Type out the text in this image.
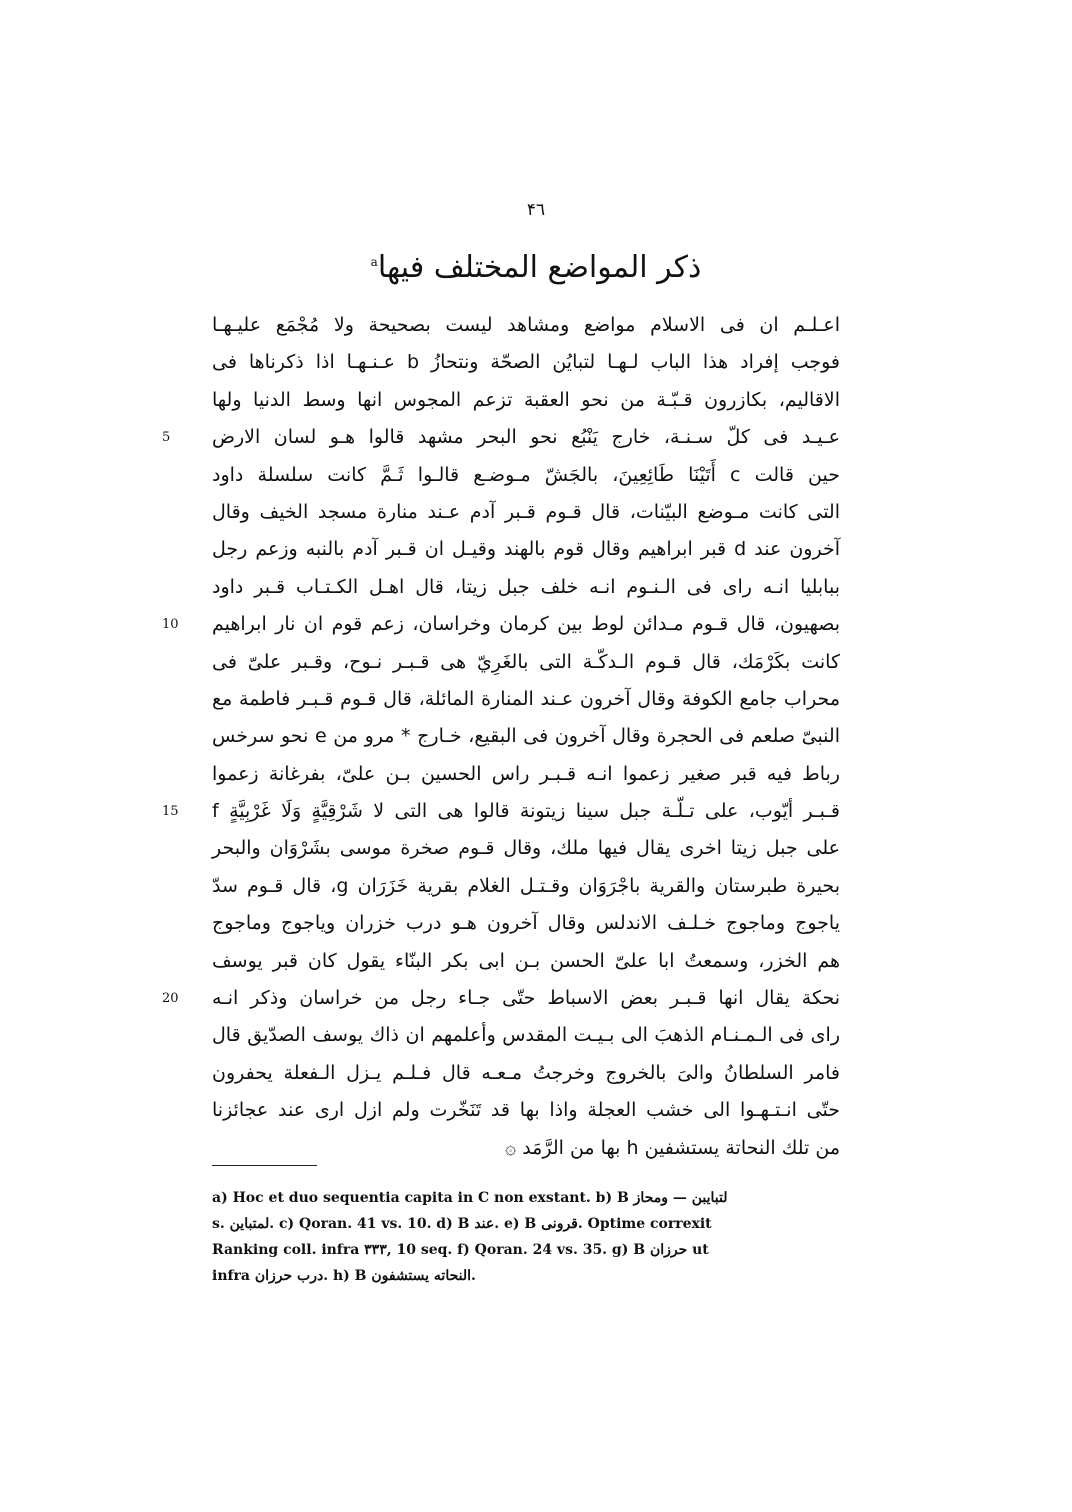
۴٦
ذكر المواضع المختلف فيها$^a$
اعـلـم ان فى الاسلام مواضع ومشاهد ليست بصحيحة ولا مُجْمَع عليـهـا
فوجب إفراد هذا الباب لـهـا لتبايُن الصحّة ونتحازُ b عـنـهـا اذا ذكرناها فى
الاقاليم، بكازرون قـبّـة من نحو العقبة تزعم المجوس انها وسط الدنيا ولها
5	عـيـد فى كلّ سـنـة، خارج يَنْبُع نحو البحر مشهد قالوا هـو لسان الارض
حين قالت c أَتَيْنَا طَائِعِينَ، بالجَشّ مـوضـع قالـوا ثَـمَّ كانت سلسلة داود
التى كانت مـوضع البيّنات، قال قـوم قـبر آدم عـند منارة مسجد الخيف وقال
آخرون عند d قبر ابراهيم وقال قوم بالهند وقيـل ان قـبر آدم بالنبه وزعم رجل
ببابليا انـه راى فى الـنـوم انـه خلف جبل زيتا، قال اهـل الكـتـاب قـبر داود
10	بصهيون، قال قـوم مـدائن لوط بين كرمان وخراسان، زعم قوم ان نار ابراهيم
كانت بكَرْمَك، قال قـوم الـدكّـة التى بالغَرِيّ هى قـبـر نـوح، وقـبر علىّ فى
محراب جامع الكوفة وقال آخرون عـند المنارة المائلة، قال قـوم قـبـر فاطمة مع
النبىّ صلعم فى الحجرة وقال آخرون فى البقيع، خـارج * مرو من e نحو سرخس
رباط فيه قبر صغير زعموا انـه قـبـر راس الحسين بـن علىّ، بفرغانة زعموا
15	قـبـر أيّوب، على تـلّـة جبل سينا زيتونة قالوا هى التى لا شَرْقِيَّةٍ وَلَا غَرْبِيَّةٍ f
على جبل زيتا اخرى يقال فيها ملك، وقال قـوم صخرة موسى بشَرْوَان والبحر
بحيرة طبرستان والقرية باجْرَوَان وقـتـل الغلام بقرية خَزَرَان g، قال قـوم سدّ
ياجوج وماجوج خـلـف الاندلس وقال آخرون هـو درب خزران وياجوج وماجوج
هم الخزر، وسمعتُ ابا علىّ الحسن بـن ابى بكر البنّاء يقول كان قبر يوسف
20	نحكة يقال انها قـبـر بعض الاسباط حتّى جـاء رجل من خراسان وذكر انـه
راى فى الـمـنـام الذهبَ الى بـيـت المقدس وأعلمهم ان ذاك يوسف الصدّيق قال
فامر السلطانُ والىَ بالخروج وخرجتُ مـعـه قال فـلـم يـزل الـفعلة يحفرون
حتّى انـتـهـوا الى خشب العجلة واذا بها قد تَنَخّرت ولم ازل ارى عند عجائزنا
من تلك النحاتة يستشفين h بها من الرَّمَد ۞
a) Hoc et duo sequentia capita in C non exstant. b) B لتبايبن — ومحاز
s. لمتباين. c) Qoran. 41 vs. 10. d) B عند. e) B قرونى. Optime correxit
Ranking coll. infra ٣٣٣, 10 seq. f) Qoran. 24 vs. 35. g) B حرزان ut
infra درب حرزان. h) B النحاته يستشفون.
